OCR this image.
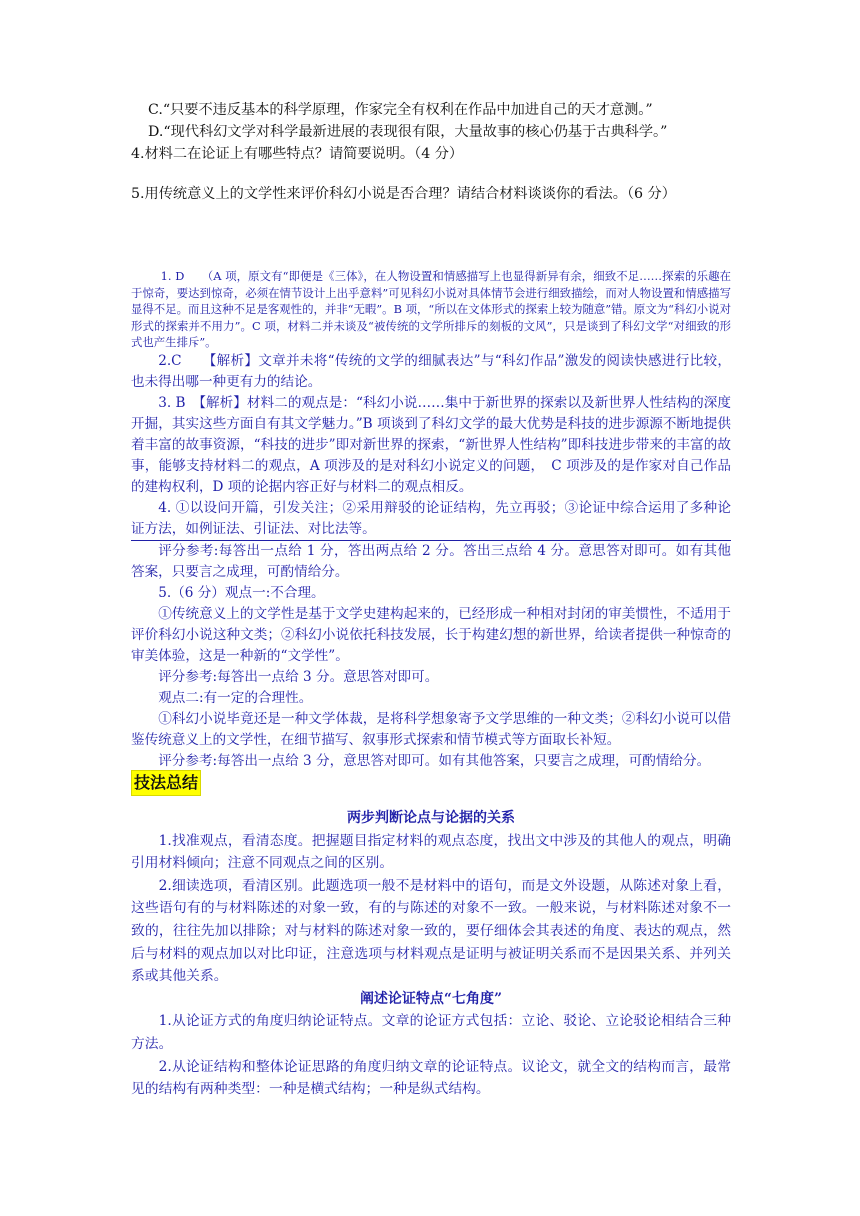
C.“只要不违反基本的科学原理，作家完全有权利在作品中加进自己的天才意测。”
D.“现代科幻文学对科学最新进展的表现很有限，大量故事的核心仍基于古典科学。”
4.材料二在论证上有哪些特点？请简要说明。（4 分）
5.用传统意义上的文学性来评价科幻小说是否合理？请结合材料谈谈你的看法。（6 分）

1. D　　（A 项，原文有“即便是《三体》，在人物设置和情感描写上也显得新异有余，细致不足……探索的乐趣在于惊奇，要达到惊奇，必须在情节设计上出乎意料”可见科幻小说对具体情节会进行细致描绘，而对人物设置和情感描写显得不足。而且这种不足是客观性的，并非“无暇”。B 项，“所以在文体形式的探索上较为随意”错。原文为“科幻小说对形式的探索并不用力”。C 项，材料二并未谈及“被传统的文学所排斥的刻板的文风”，只是谈到了科幻文学“对细致的形式也产生排斥”。

2.C　　【解析】文章并未将“传统的文学的细腻表达”与“科幻作品”激发的阅读快感进行比较，也未得出哪一种更有力的结论。

3. B　【解析】材料二的观点是：“科幻小说……集中于新世界的探索以及新世界人性结构的深度开掘，其实这些方面自有其文学魅力。”B 项谈到了科幻文学的最大优势是科技的进步源源不断地提供着丰富的故事资源，“科技的进步”即对新世界的探索，“新世界人性结构”即科技进步带来的丰富的故事，能够支持材料二的观点，A 项涉及的是对科幻小说定义的问题，　C 项涉及的是作家对自己作品的建构权利，D 项的论据内容正好与材料二的观点相反。

4. ①以设问开篇，引发关注；②采用辩驳的论证结构，先立再驳；③论证中综合运用了多种论证方法，如例证法、引证法、对比法等。

评分参考:每答出一点给 1 分，答出两点给 2 分。答出三点给 4 分。意思答对即可。如有其他答案，只要言之成理，可酌情给分。

5.（6 分）观点一:不合理。

①传统意义上的文学性是基于文学史建构起来的，已经形成一种相对封闭的审美惯性，不适用于评价科幻小说这种文类；②科幻小说依托科技发展，长于构建幻想的新世界，给读者提供一种惊奇的审美体验，这是一种新的“文学性”。

评分参考:每答出一点给 3 分。意思答对即可。

观点二:有一定的合理性。

①科幻小说毕竟还是一种文学体裁，是将科学想象寄予文学思维的一种文类；②科幻小说可以借鉴传统意义上的文学性，在细节描写、叙事形式探索和情节模式等方面取长补短。

评分参考:每答出一点给 3 分，意思答对即可。如有其他答案，只要言之成理，可酌情给分。

技法总结
两步判断论点与论据的关系

1.找准观点，看清态度。把握题目指定材料的观点态度，找出文中涉及的其他人的观点，明确引用材料倾向；注意不同观点之间的区别。

2.细读选项，看清区别。此题选项一般不是材料中的语句，而是文外设题，从陈述对象上看，这些语句有的与材料陈述的对象一致，有的与陈述的对象不一致。一般来说，与材料陈述对象不一致的，往往先加以排除；对与材料的陈述对象一致的，要仔细体会其表述的角度、表达的观点，然后与材料的观点加以对比印证，注意选项与材料观点是证明与被证明关系而不是因果关系、并列关系或其他关系。

阐述论证特点“七角度”

1.从论证方式的角度归纳论证特点。文章的论证方式包括：立论、驳论、立论驳论相结合三种方法。

2.从论证结构和整体论证思路的角度归纳文章的论证特点。议论文，就全文的结构而言，最常见的结构有两种类型：一种是横式结构；一种是纵式结构。
